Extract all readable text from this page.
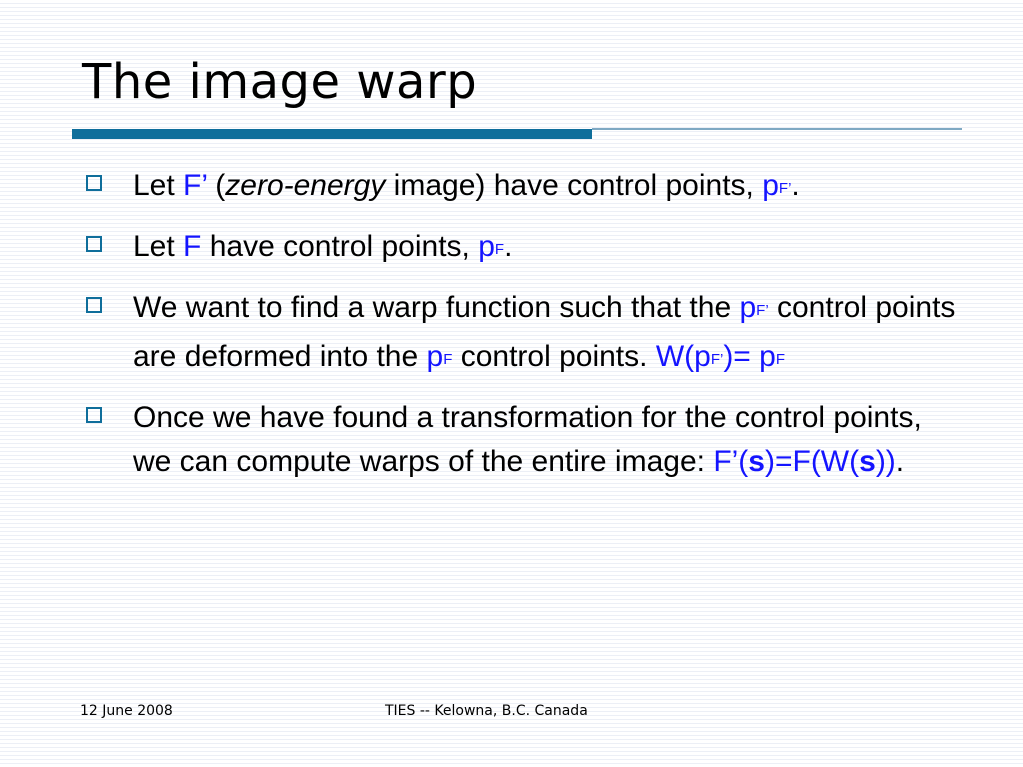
The image warp
Let F’ (zero-energy image) have control points, $p_{F’}$.
Let F have control points, $p_F$.
We want to find a warp function such that the $p_{F’}$ control points are deformed into the $p_F$ control points. $W(p_{F’})= p_F$
Once we have found a transformation for the control points, we can compute warps of the entire image: F’(s)=F(W(s)).
12 June 2008	TIES -- Kelowna, B.C. Canada
